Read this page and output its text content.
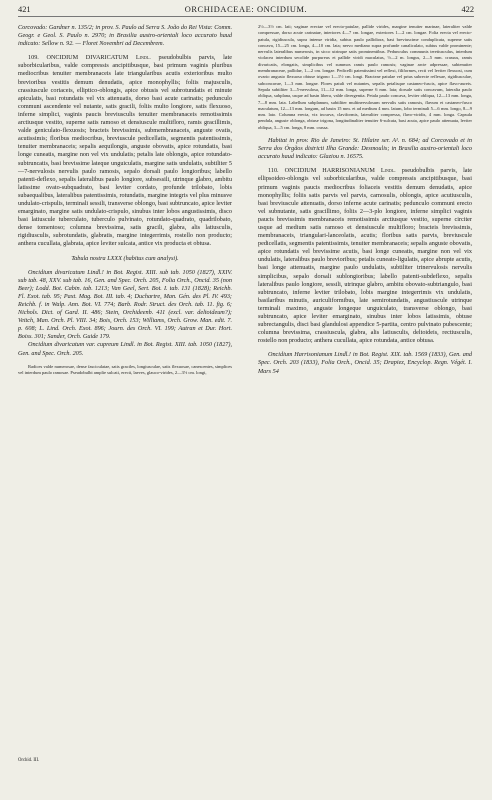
421	ORCHIDACEAE: ONCIDIUM.	422

Corcovado: Gardner n. 135/2; in prov. S. Paulo ad Serra S. João do Rei Vista: Comm. Geogr. e Geol. S. Paulo n. 2970; in Brasilia austro-orientali loco accurato haud indicato: Sellow n. 92. — Floret Novembri ad Decembrem.

109. ONCIDIUM DIVARICATUM Lindl. pseudobulbis parvis, late suborbicularibus, valde compressis ancipitibusque, basi primum vaginis pluribus mediocribus tenuiter membranaceis late triangularibus acutis exterioribus multo brevioribus vestitis demum denudatis, apice monophyllis; foliis majusculis, crassiuscule coriaceis, elliptico-oblongis, apice obtusis vel subrotundatis et minute apiculatis, basi rotundatis vel vix attenuatis, dorso basi acute carinatis; pedunculo communi ascendente vel nutante, satis gracili, foliis multo longiore, satis flexuoso, inferne simplici, vaginis paucis breviusculis tenuiter membranaceis remotissimis arctiusque vestito, superne satis ramoso et densiuscule multifloro, ramis gracillimis, valde geniculato-flexuosis; bracteis brevissimis, submembranaceis, anguste ovatis, acutissimis; floribus mediocribus, breviuscule pedicellatis, segmentis patentissimis, tenuiter membranaceis; sepalis aequilongis, anguste obovatis, apice rotundatis, basi longe cuneatis, margine non vel vix undulatis; petalis late oblongis, apice rotundato-subtruncatis, basi brevissime latequе unguiculatis, margine satis undulatis, subtiliter 5—7-nervulosis nervulis paulo ramosis, sepalo dorsali paulo longioribus; labello patenti-deflexo, sepalis lateralibus paulo longiore, subsessili, utrinque glabro, ambitu latissime ovato-subquadrato, basi leviter cordato, profunde trilobato, lobis subaequalibus, lateralibus patentissimis, rotundatis, margine integris vel plus minusve undulato-crispulis, terminali sessili, transverse oblongo, basi subtruncato, apice leviter emarginato, margine satis undulato-crispulo, sinubus inter lobos angustissimis, disco basi latiuscule tuberculato, tuberculo pulvinato, rotundato-quadrato, quadrilobato, dense tomentoso; columna brevissima, satis gracili, glabra, alis latiusculis, rigidiusculis, subrotundatis, glabratis, margine integerrimis, rostello non producto; anthera cucullata, glabrata, apice leviter sulcata, antice vix producta et obtusa.

Tabula nostra LXXX (habitus cum analysi).

Oncidium divaricatum Lindl.! in Bot. Regist. XIII. sub tab. 1050 (1827), XXIV. sub tab. 48, XXV. sub tab. 16, Gen. and Spec. Orch. 205, Folia Orch., Oncid. 35 (non Beer); Lodd. Bot. Cabin. tab. 1213; Van Geel, Sert. Bot. I. tab. 131 (1828); Reichb. Fl. Exot. tab. 95; Paxt. Mag. Bot. III. tab. 4; Duchartre, Man. Gén. des Pl. IV. 493; Reichb. f. in Walp. Ann. Bot. VI. 774; Barb. Rodr. Struct. des Orch. tab. 11. fig. 6; Nichols. Dict. of Gard. II. 486; Stein, Orchideenb. 411 (excl. var. deltoideum?); Veitch, Man. Orch. Pl. VIII. 34; Bois, Orch. 153; Williams, Orch. Grow. Man. edit. 7. p. 608; L. Lind. Orch. Exot. 896; Journ. des Orch. VI. 199; Autran et Dur. Hort. Boiss. 301; Sander, Orch. Guide 179.

Oncidium divaricatum var. cupreum Lindl. in Bot. Regist. XIII. tab. 1050 (1827), Gen. and Spec. Orch. 205.

Radices valde numerosae, dense fasciculatae, satis graciles, longiusculae, satis flexuosae, canescentes, simplices vel interdum paulo ramosae. Pseudobulbi amplie sulcati, erecti, laeves, glauco-virides, 2—3½ cm. longi,

2½—3½ cm. lati; vaginae erectae vel erecto-patulae, pallide virides, margine tenuiter marinae, lateraliter valde compressae, dorso acute carinatae, interiores 4—7 cm. longae, exteriores 1—2 cm. longae. Folia erecta vel erecto-patula, rigidiuscula, supra intense viridia, subtus paulo pallidiora, basi breviuscime conduplicata, superne satis concava, 15—25 cm. longa, 4—10 cm. lata; nervo mediano supra profunde canaliculato, subtus valde prominente; nervulis lateralibus numerosis, in sicco utrinque satis prominentibus. Pedunculus communis teretiusculus, interdum violacea interdum secolide purpureus et pallide viridi maculatus, ½—2 m. longus, 2—5 mm. crassus, ramis divaricatis, elongatis, simplicibus vel summos ramis paulo ramosis; vaginae arcte adpressae, subtenuiter membranaceae, pallidae, 1—2 cm. longae. Pedicelli patentissimi vel reflexi, filiformes, recti vel leviter flexuosi, cum ovario angusto flexuoso obtuse trigono 1—1½ cm. longi. Bracteae patulae vel prius subrecte reflexae, rigidiusculae, subconcavae, 1—3 mm. longae. Flores patuli vel nutantes, sepalis petalisque castaneo-fuscis, apice flavo-aureis. Sepala subtiliter 3—5-nervulosa, 11—12 mm. longa, superne 6 mm. lata; dorsale satis concavum, lateralia paulo obliqua, subplana, usque ad basin libera, valde divergentia. Petala paulo concava, leviter obliqua, 12—13 mm. longa, 7—8 mm. lata. Labellum subplanum, subtiliter multinervulosum nervulis satis ramosis, flavum et castaneo-fusco maculatum, 12—13 mm. longum, ad basin 15 mm. et ad medium 4 mm. latum, lobo terminali 5—6 mm. longo, 8—9 mm. lato. Columna erecta, vix incurva, claviformis, lateraliter compressa, flavo-viridis, 4 mm. longa. Capsula pendula, anguste oblonga, obtuse trigona, longitudinaliter tenuiter 6-sulcata, basi acuta, apice paulo attenuata, leviter obliqua, 3—5 cm. longa, 8 mm. crassa.

Habitat in prov. Rio de Janeiro: St. Hilaire ser. A¹. n. 684; ad Corcovado et in Serra dos Órgãos districti Ilha Grande: Desmoulis; in Brasilia austro-orientali loco accurato haud indicato: Glaziou n. 16575.

110. ONCIDIUM HARRISONIANUM Lindl. pseudobulbis parvis, late ellipsoideo-oblongis vel suborbicularibus, valde compressis ancipitibusque, basi primum vaginis paucis mediocribus foliaceis vestitis demum denudatis, apice monophyllis; foliis satis parvis vel parvis, carnosulis, oblongis, apice acutiusculis, basi breviuscule attenuatis, dorso inferne acute carinatis; pedunculo communi erecto vel subnutante, satis gracillimo, foliis 2—3-plo longiore, inferne simplici vaginis paucis brevissimis membranaceis remotissimis arctiusque vestito, superne circiter usque ad medium satis ramoso et densiuscule multifloro; bracteis brevissimis, membranaceis, triangulari-lanceolatis, acutis; floribus satis parvis, breviuscule pedicellatis, segmentis patentissimis, tenuiter membranaceis; sepalis anguste obovatis, apice rotundatis vel brevissime acutis, basi longe cuneatis, margine non vel vix undulatis, lateralibus paulo brevioribus; petalis cuneato-ligulatis, apice abrupte acutis, basi longe attenuatis, margine paulo undulatis, subtiliter trinervulosis nervulis simplicibus, sepalo dorsali sublongioribus; labello patenti-subdeflexo, sepalis lateralibus paulo longiore, sessili, utrinque glabro, ambitu obovato-subtriangulo, basi subtruncato, inferne leviter trilobato, lobis margine integerrimis vix undulatis, basilaribus minutis, auriculiformibus, late semirotundatis, angustiuscule utrinque terminali maximo, anguste longeque unguiculato, transverse oblongo, basi subtruncato, apice leviter emarginato, sinubus inter lobos latissimis, obtuse subrectangulis, disci basi glandulosi appendice 5-partita, centro pulvinato pubescente; columna brevissima, crassiuscula, glabra, alis latiusculis, deltoideis, rectiusculis, rostello non producto; anthera cucullata, apice rotundata, antice obtusa.

Oncidium Harrisonianum Lindl.! in Bot. Regist. XIX. tab. 1569 (1833), Gen. and Spec. Orch. 203 (1833), Folia Orch., Oncid. 35; Drapiez, Encyclop. Regn. Végét. I. Mars 54

Orchid. III.
